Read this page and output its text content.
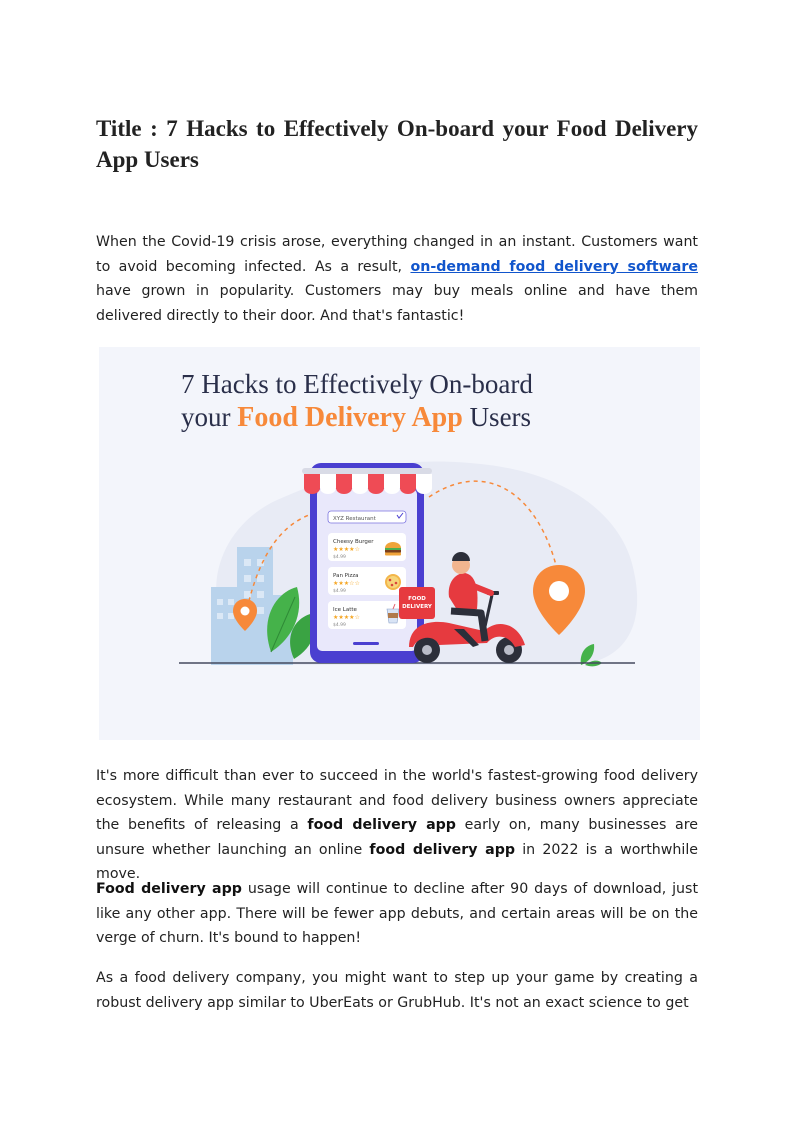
Title : 7 Hacks to Effectively On-board your Food Delivery App Users

When the Covid-19 crisis arose, everything changed in an instant. Customers want to avoid becoming infected. As a result, on-demand food delivery software have grown in popularity. Customers may buy meals online and have them delivered directly to their door. And that's fantastic!

It's more difficult than ever to succeed in the world's fastest-growing food delivery ecosystem. While many restaurant and food delivery business owners appreciate the benefits of releasing a food delivery app early on, many businesses are unsure whether launching an online food delivery app in 2022 is a worthwhile move.

Food delivery app usage will continue to decline after 90 days of download, just like any other app. There will be fewer app debuts, and certain areas will be on the verge of churn. It's bound to happen!

As a food delivery company, you might want to step up your game by creating a robust delivery app similar to UberEats or GrubHub. It's not an exact science to get

7 Hacks to Effectively On-board
your Food Delivery App Users
XYZ Restaurant
Cheesy Burger
★★★★☆
$4.99
Pan Pizza
★★★☆☆
$4.99
Ice Latte
★★★★☆
$4.99
FOOD
DELIVERY
